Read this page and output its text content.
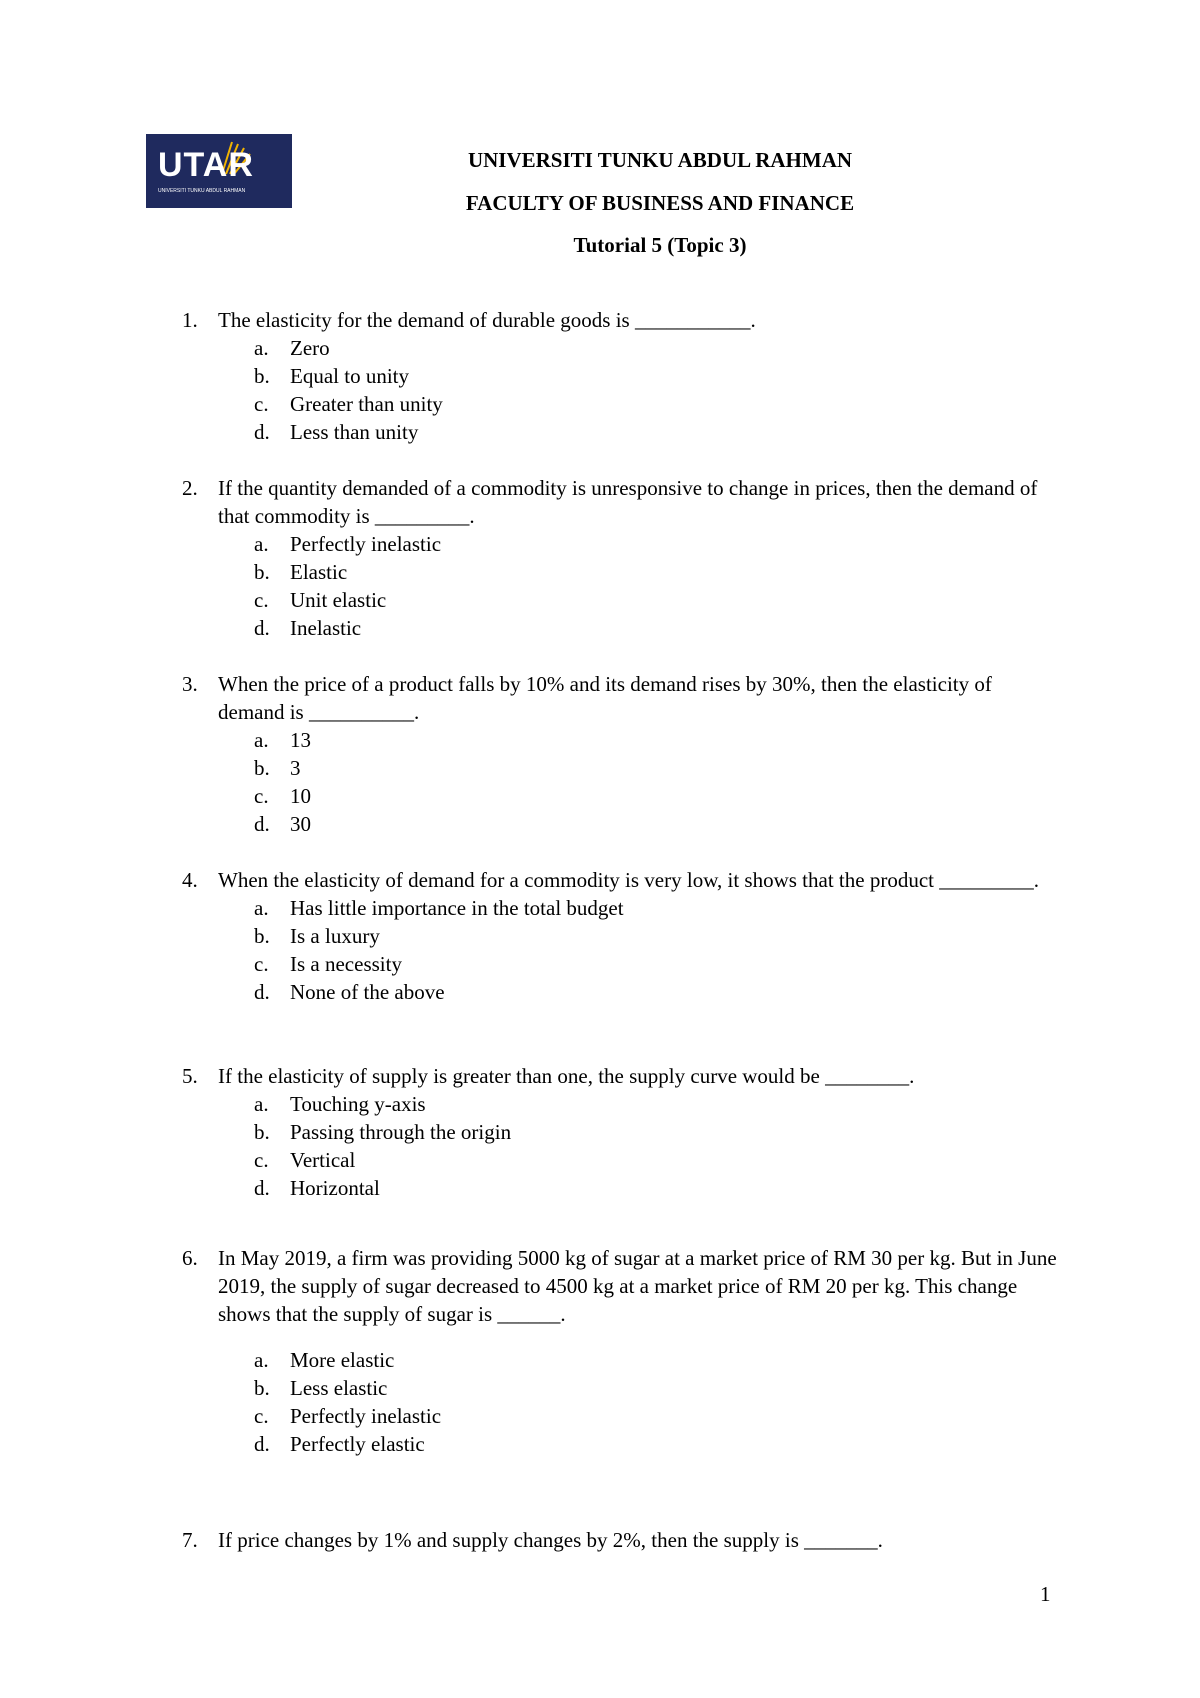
UTAR
UNIVERSITI TUNKU ABDUL RAHMAN
UNIVERSITI TUNKU ABDUL RAHMAN
FACULTY OF BUSINESS AND FINANCE
Tutorial 5 (Topic 3)
1. The elasticity for the demand of durable goods is ___________.
a.	Zero
b. Equal to unity
c.	Greater than unity
d. Less than unity
2. If the quantity demanded of a commodity is unresponsive to change in prices, then the demand of that commodity is _________.
a.	Perfectly inelastic
b. Elastic
c.	Unit elastic
d. Inelastic
3. When the price of a product falls by 10% and its demand rises by 30%, then the elasticity of demand is __________.
a.	13
b. 3
c.	10
d. 30
4. When the elasticity of demand for a commodity is very low, it shows that the product _________.
a.	Has little importance in the total budget
b. Is a luxury
c.	Is a necessity
d. None of the above
5. If the elasticity of supply is greater than one, the supply curve would be ________.
a.	Touching y-axis
b. Passing through the origin
c.	Vertical
d. Horizontal
6. In May 2019, a firm was providing 5000 kg of sugar at a market price of RM 30 per kg. But in June 2019, the supply of sugar decreased to 4500 kg at a market price of RM 20 per kg. This change shows that the supply of sugar is ______.
a.	More elastic
b. Less elastic
c.	Perfectly inelastic
d. Perfectly elastic
7. If price changes by 1% and supply changes by 2%, then the supply is _______.
1
